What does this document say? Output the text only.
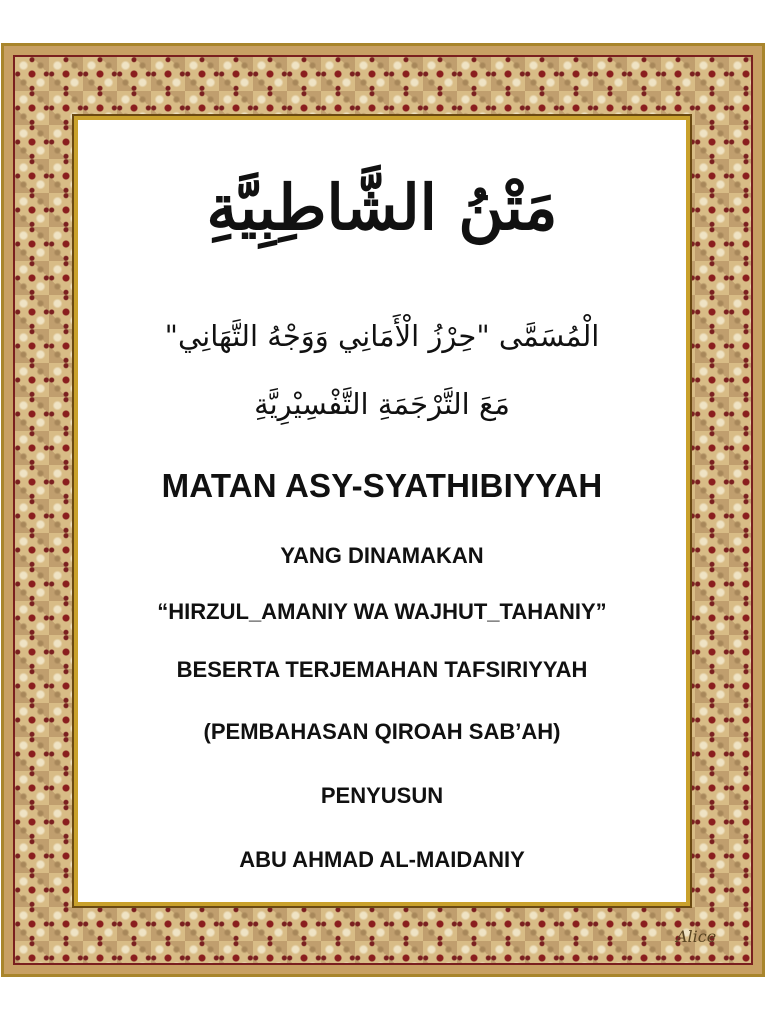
مَتْنُ الشَّاطِبِيَّةِ
الْمُسَمَّى "حِرْزُ الْأَمَانِي وَوَجْهُ التَّهَانِي"
مَعَ التَّرْجَمَةِ التَّفْسِيْرِيَّةِ
MATAN ASY-SYATHIBIYYAH
YANG DINAMAKAN
“HIRZUL_AMANIY WA WAJHUT_TAHANIY”
BESERTA TERJEMAHAN TAFSIRIYYAH
(PEMBAHASAN QIROAH SAB’AH)
PENYUSUN
ABU AHMAD AL-MAIDANIY
Alice
